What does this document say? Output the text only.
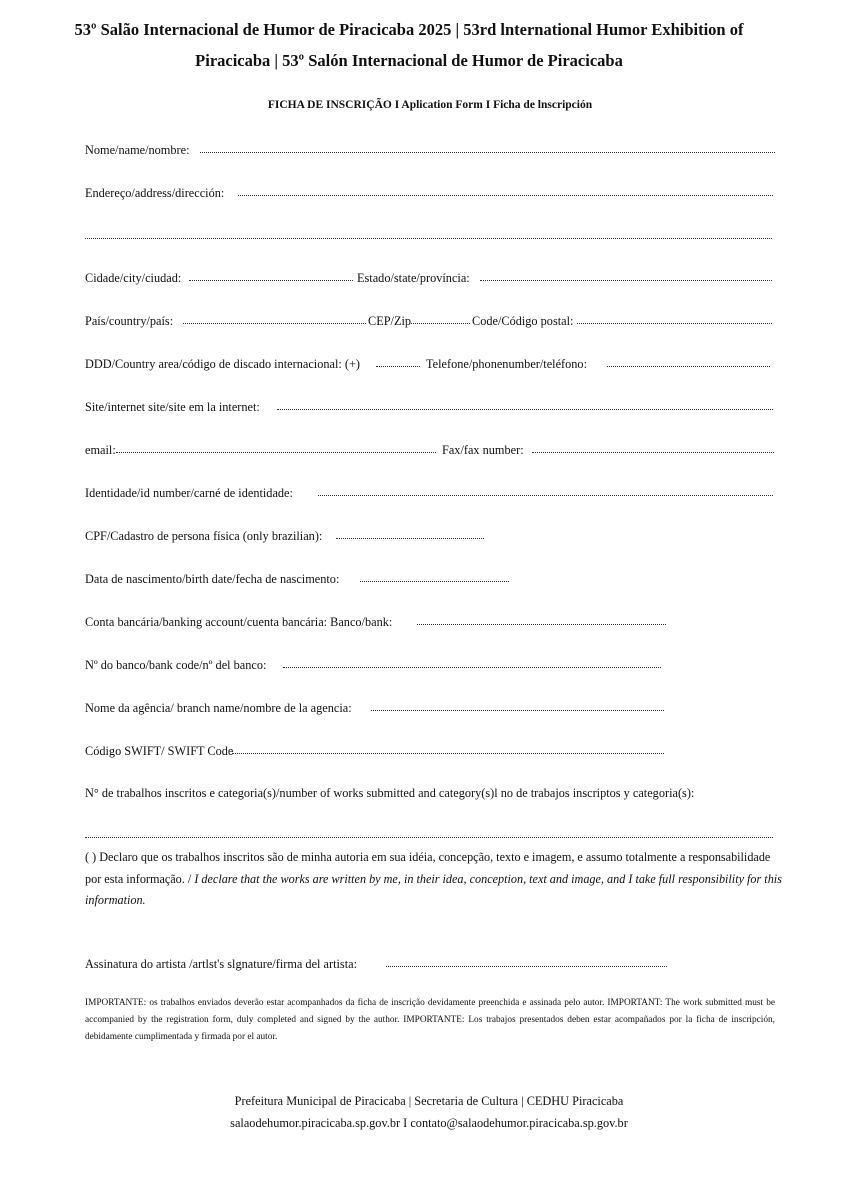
53º Salão Internacional de Humor de Piracicaba 2025 | 53rd lnternational Humor Exhibition of
Piracicaba | 53º Salón Internacional de Humor de Piracicaba
FICHA DE INSCRIÇÃO I Aplication Form I Ficha de lnscripción
Nome/name/nombre:
Endereço/address/dirección:
Cidade/city/ciudad:	Estado/state/província:
País/country/país:	CEP/Zip	Code/Código postal:
DDD/Country area/código de discado internacional: (+)	Telefone/phonenumber/teléfono:
Site/internet site/site em la internet:
email:	Fax/fax number:
Identidade/id number/carné de identidade:
CPF/Cadastro de persona física (only brazilian):
Data de nascimento/birth date/fecha de nascimento:
Conta bancária/banking account/cuenta bancária: Banco/bank:
Nº do banco/bank code/nº del banco:
Nome da agência/ branch name/nombre de la agencia:
Código SWIFT/ SWIFT Code
N° de trabalhos inscritos e categoria(s)/number of works submitted and category(s)l no de trabajos inscriptos y categoria(s):
( ) Declaro que os trabalhos inscritos são de minha autoria em sua idéia, concepção, texto e imagem, e assumo totalmente a responsabilidade por esta informação. / I declare that the works are written by me, in their idea, conception, text and image, and I take full responsibility for this information.
Assinatura do artista /artlst's slgnature/firma del artista:
IMPORTANTE: os trabalhos enviados deverão estar acompanhados da ficha de inscrição devidamente preenchida e assinada pelo autor. IMPORTANT: The work submitted must be accompanied by the registration form, duly completed and signed by the author. IMPORTANTE: Los trabajos presentados deben estar acompañados por la ficha de inscripción, debidamente cumplimentada y firmada por el autor.
Prefeitura Municipal de Piracicaba | Secretaria de Cultura | CEDHU Piracicaba
salaodehumor.piracicaba.sp.gov.br I contato@salaodehumor.piracicaba.sp.gov.br
